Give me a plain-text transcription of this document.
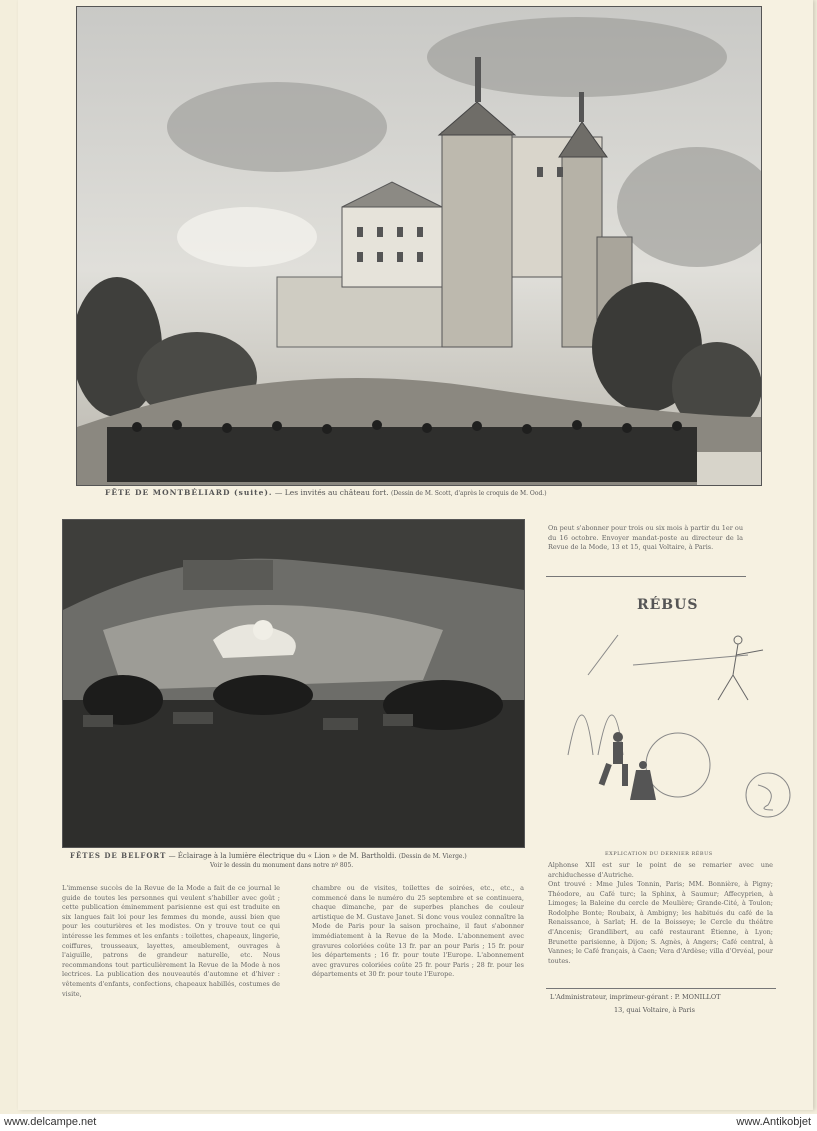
FÊTE DE MONTBÉLIARD (suite). — Les invités au château fort. (Dessin de M. Scott, d'après le croquis de M. Ood.)
FÊTES DE BELFORT — Éclairage à la lumière électrique du « Lion » de M. Bartholdi. (Dessin de M. Vierge.)
Voir le dessin du monument dans notre nº 805.
On peut s'abonner pour trois ou six mois à partir du 1er ou du 16 octobre. Envoyer mandat-poste au directeur de la Revue de la Mode, 13 et 15, quai Voltaire, à Paris.
RÉBUS
EXPLICATION DU DERNIER RÉBUS
Alphonse XII est sur le point de se remarier avec une archiduchesse d'Autriche.
Ont trouvé : Mme Jules Tonnin, Paris; MM. Bonnière, à Pigny; Théodore, au Café turc; la Sphinx, à Saumur; Affecyprien, à Limoges; la Baleine du cercle de Meulière; Grande-Cité, à Toulon; Rodolphe Bonte; Roubaix, à Ambigny; les habitués du café de la Renaissance, à Sarlat; H. de la Boisseye; le Cercle du théâtre d'Ancenis; Grandlibert, au café restaurant Étienne, à Lyon; Brunette parisienne, à Dijon; S. Agnès, à Angers; Café central, à Vannes; le Café français, à Caen; Vera d'Ardèse; villa d'Orvéal, pour toutes.
L'Administrateur, imprimeur-gérant : P. MONILLOT
13, quai Voltaire, à Paris
L'immense succès de la Revue de la Mode a fait de ce journal le guide de toutes les personnes qui veulent s'habiller avec goût ; cette publication éminemment parisienne est qui est traduite en six langues fait loi pour les femmes du monde, aussi bien que pour les couturières et les modistes. On y trouve tout ce qui intéresse les femmes et les enfants : toilettes, chapeaux, lingerie, coiffures, trousseaux, layettes, ameublement, ouvrages à l'aiguille, patrons de grandeur naturelle, etc. Nous recommandons tout particulièrement la Revue de la Mode à nos lectrices. La publication des nouveautés d'automne et d'hiver : vêtements d'enfants, confections, chapeaux habillés, costumes de visite,
chambre ou de visites, toilettes de soirées, etc., etc., a commencé dans le numéro du 25 septembre et se continuera, chaque dimanche, par de superbes planches de couleur artistique de M. Gustave Janet. Si donc vous voulez connaître la Mode de Paris pour la saison prochaine, il faut s'abonner immédiatement à la Revue de la Mode. L'abonnement avec gravures coloriées coûte 13 fr. par an pour Paris ; 15 fr. pour les départements ; 16 fr. pour toute l'Europe. L'abonnement avec gravures coloriées coûte 25 fr. pour Paris ; 28 fr. pour les départements et 30 fr. pour toute l'Europe.
www.delcampe.net	www.Antikobjet
